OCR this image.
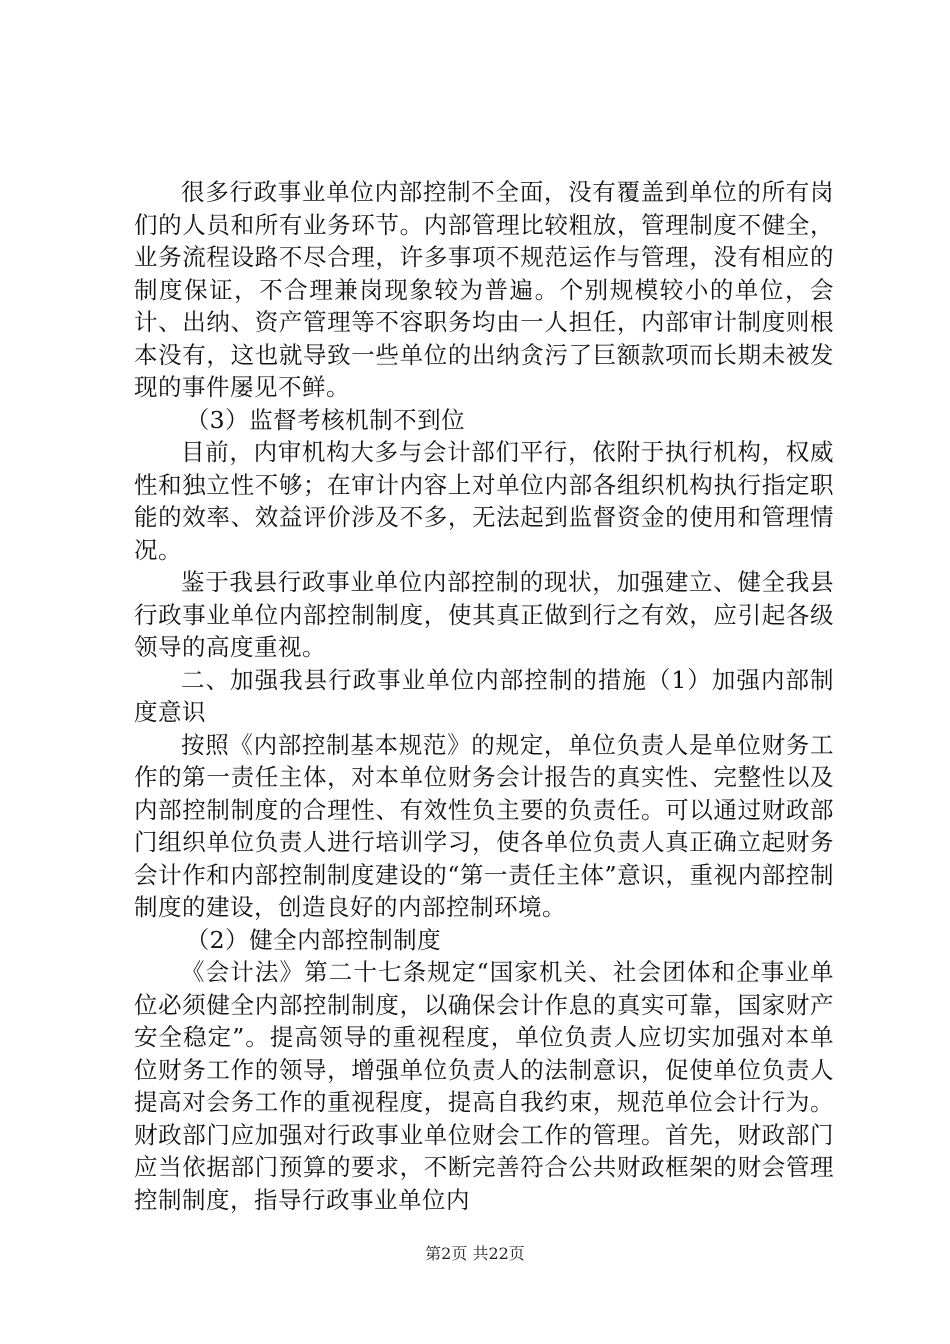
很多行政事业单位内部控制不全面，没有覆盖到单位的所有岗们的人员和所有业务环节。内部管理比较粗放，管理制度不健全，业务流程设路不尽合理，许多事项不规范运作与管理，没有相应的制度保证，不合理兼岗现象较为普遍。个别规模较小的单位，会计、出纳、资产管理等不容职务均由一人担任，内部审计制度则根本没有，这也就导致一些单位的出纳贪污了巨额款项而长期未被发现的事件屡见不鲜。

（3）监督考核机制不到位

目前，内审机构大多与会计部们平行，依附于执行机构，权威性和独立性不够；在审计内容上对单位内部各组织机构执行指定职能的效率、效益评价涉及不多，无法起到监督资金的使用和管理情况。

鉴于我县行政事业单位内部控制的现状，加强建立、健全我县行政事业单位内部控制制度，使其真正做到行之有效，应引起各级领导的高度重视。

二、加强我县行政事业单位内部控制的措施（1）加强内部制度意识

按照《内部控制基本规范》的规定，单位负责人是单位财务工作的第一责任主体，对本单位财务会计报告的真实性、完整性以及内部控制制度的合理性、有效性负主要的负责任。可以通过财政部门组织单位负责人进行培训学习，使各单位负责人真正确立起财务会计作和内部控制制度建设的“第一责任主体”意识，重视内部控制制度的建设，创造良好的内部控制环境。

（2）健全内部控制制度

《会计法》第二十七条规定“国家机关、社会团体和企事业单位必须健全内部控制制度，以确保会计作息的真实可靠，国家财产安全稳定”。提高领导的重视程度，单位负责人应切实加强对本单位财务工作的领导，增强单位负责人的法制意识，促使单位负责人提高对会务工作的重视程度，提高自我约束，规范单位会计行为。财政部门应加强对行政事业单位财会工作的管理。首先，财政部门应当依据部门预算的要求，不断完善符合公共财政框架的财会管理控制制度，指导行政事业单位内

第2页 共22页
